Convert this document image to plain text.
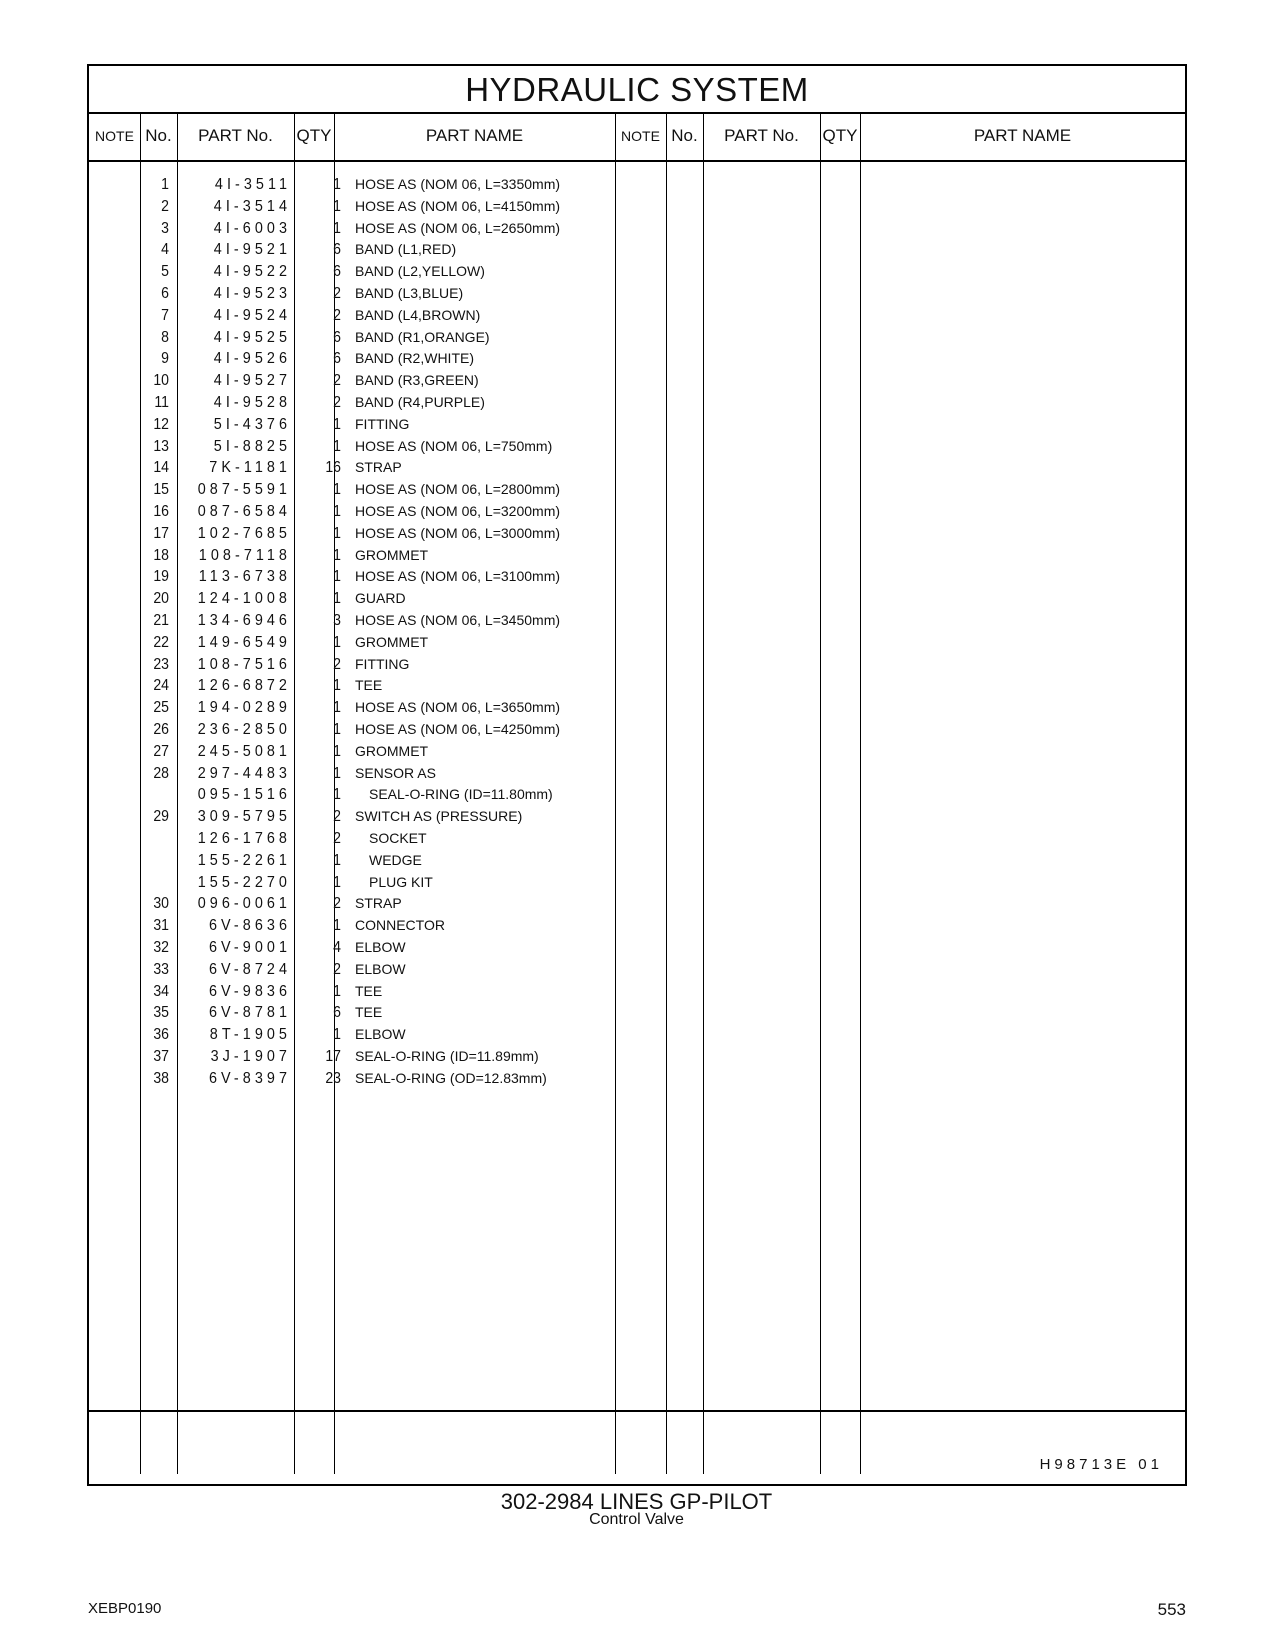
HYDRAULIC SYSTEM
NOTE No.	PART No.	QTY	PART NAME	NOTE No.	PART No.	QTY	PART NAME
1	4I-3511	1 HOSE AS (NOM 06, L=3350mm)
2	4I-3514	1 HOSE AS (NOM 06, L=4150mm)
3	4I-6003	1 HOSE AS (NOM 06, L=2650mm)
4	4I-9521	6 BAND (L1,RED)
5	4I-9522	6 BAND (L2,YELLOW)
6	4I-9523	2 BAND (L3,BLUE)
7	4I-9524	2 BAND (L4,BROWN)
8	4I-9525	6 BAND (R1,ORANGE)
9	4I-9526	6 BAND (R2,WHITE)
10	4I-9527	2 BAND (R3,GREEN)
11	4I-9528	2 BAND (R4,PURPLE)
12	5I-4376	1 FITTING
13	5I-8825	1 HOSE AS (NOM 06, L=750mm)
14	7K-1181	16 STRAP
15	087-5591	1 HOSE AS (NOM 06, L=2800mm)
16	087-6584	1 HOSE AS (NOM 06, L=3200mm)
17	102-7685	1 HOSE AS (NOM 06, L=3000mm)
18	108-7118	1 GROMMET
19	113-6738	1 HOSE AS (NOM 06, L=3100mm)
20	124-1008	1 GUARD
21	134-6946	3 HOSE AS (NOM 06, L=3450mm)
22	149-6549	1 GROMMET
23	108-7516	2 FITTING
24	126-6872	1 TEE
25	194-0289	1 HOSE AS (NOM 06, L=3650mm)
26	236-2850	1 HOSE AS (NOM 06, L=4250mm)
27	245-5081	1 GROMMET
28	297-4483	1 SENSOR AS
095-1516	1 SEAL-O-RING (ID=11.80mm)
29	309-5795	2 SWITCH AS (PRESSURE)
126-1768	2 SOCKET
155-2261	1 WEDGE
155-2270	1 PLUG KIT
30	096-0061	2 STRAP
31	6V-8636	1 CONNECTOR
32	6V-9001	4 ELBOW
33	6V-8724	2 ELBOW
34	6V-9836	1 TEE
35	6V-8781	6 TEE
36	8T-1905	1 ELBOW
37	3J-1907	17 SEAL-O-RING (ID=11.89mm)
38	6V-8397	23 SEAL-O-RING (OD=12.83mm)
H98713E 01
302-2984 LINES GP-PILOT
Control Valve
XEBP0190	553
